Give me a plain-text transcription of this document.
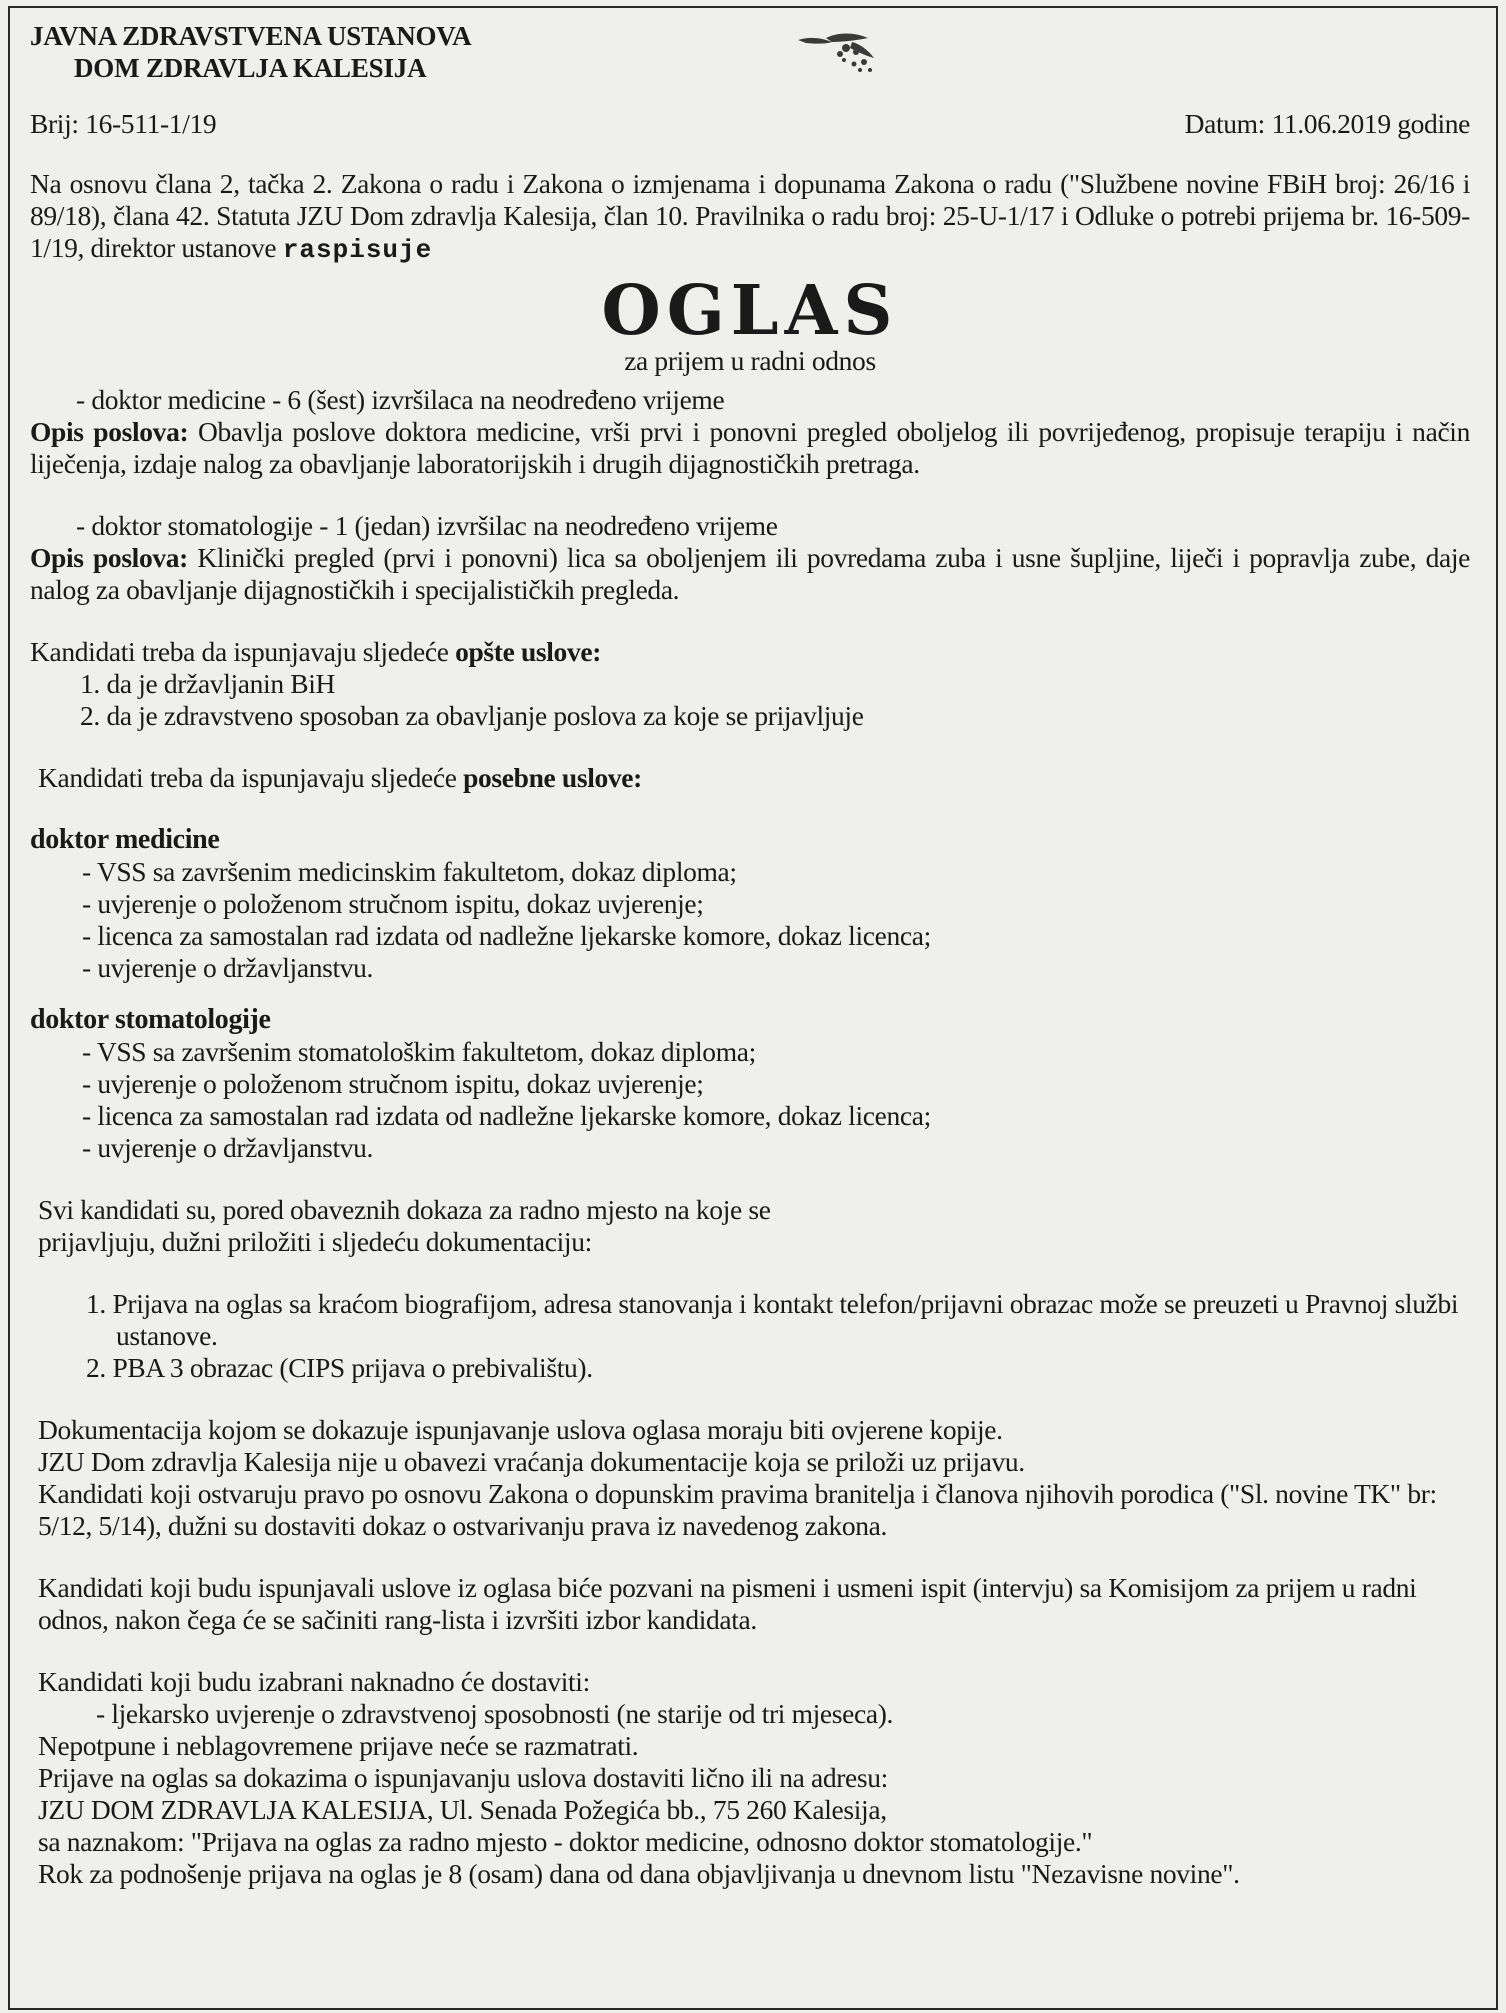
JAVNA ZDRAVSTVENA USTANOVA
DOM ZDRAVLJA KALESIJA
Brij: 16-511-1/19	Datum: 11.06.2019 godine
Na osnovu člana 2, tačka 2. Zakona o radu i Zakona o izmjenama i dopunama Zakona o radu ("Službene novine FBiH broj: 26/16 i 89/18), člana 42. Statuta JZU Dom zdravlja Kalesija, član 10. Pravilnika o radu broj: 25-U-1/17 i Odluke o potrebi prijema br. 16-509-1/19, direktor ustanove raspisuje
OGLAS
za prijem u radni odnos
- doktor medicine - 6 (šest) izvršilaca na neodređeno vrijeme
Opis poslova: Obavlja poslove doktora medicine, vrši prvi i ponovni pregled oboljelog ili povrijeđenog, propisuje terapiju i način liječenja, izdaje nalog za obavljanje laboratorijskih i drugih dijagnostičkih pretraga.
- doktor stomatologije - 1 (jedan) izvršilac na neodređeno vrijeme
Opis poslova: Klinički pregled (prvi i ponovni) lica sa oboljenjem ili povredama zuba i usne šupljine, liječi i popravlja zube, daje nalog za obavljanje dijagnostičkih i specijalističkih pregleda.
Kandidati treba da ispunjavaju sljedeće opšte uslove:
1. da je državljanin BiH
2. da je zdravstveno sposoban za obavljanje poslova za koje se prijavljuje
Kandidati treba da ispunjavaju sljedeće posebne uslove:
doktor medicine
- VSS sa završenim medicinskim fakultetom, dokaz diploma;
- uvjerenje o položenom stručnom ispitu, dokaz uvjerenje;
- licenca za samostalan rad izdata od nadležne ljekarske komore, dokaz licenca;
- uvjerenje o državljanstvu.
doktor stomatologije
- VSS sa završenim stomatološkim fakultetom, dokaz diploma;
- uvjerenje o položenom stručnom ispitu, dokaz uvjerenje;
- licenca za samostalan rad izdata od nadležne ljekarske komore, dokaz licenca;
- uvjerenje o državljanstvu.
Svi kandidati su, pored obaveznih dokaza za radno mjesto na koje se
prijavljuju, dužni priložiti i sljedeću dokumentaciju:
1. Prijava na oglas sa kraćom biografijom, adresa stanovanja i kontakt telefon/prijavni obrazac može se preuzeti u Pravnoj službi ustanove.
2. PBA 3 obrazac (CIPS prijava o prebivalištu).
Dokumentacija kojom se dokazuje ispunjavanje uslova oglasa moraju biti ovjerene kopije.
JZU Dom zdravlja Kalesija nije u obavezi vraćanja dokumentacije koja se priloži uz prijavu.
Kandidati koji ostvaruju pravo po osnovu Zakona o dopunskim pravima branitelja i članova njihovih porodica ("Sl. novine TK" br: 5/12, 5/14), dužni su dostaviti dokaz o ostvarivanju prava iz navedenog zakona.
Kandidati koji budu ispunjavali uslove iz oglasa biće pozvani na pismeni i usmeni ispit (intervju) sa Komisijom za prijem u radni odnos, nakon čega će se sačiniti rang-lista i izvršiti izbor kandidata.
Kandidati koji budu izabrani naknadno će dostaviti:
- ljekarsko uvjerenje o zdravstvenoj sposobnosti (ne starije od tri mjeseca).
Nepotpune i neblagovremene prijave neće se razmatrati.
Prijave na oglas sa dokazima o ispunjavanju uslova dostaviti lično ili na adresu:
JZU DOM ZDRAVLJA KALESIJA, Ul. Senada Požegića bb., 75 260 Kalesija,
sa naznakom: "Prijava na oglas za radno mjesto - doktor medicine, odnosno doktor stomatologije."
Rok za podnošenje prijava na oglas je 8 (osam) dana od dana objavljivanja u dnevnom listu "Nezavisne novine".
